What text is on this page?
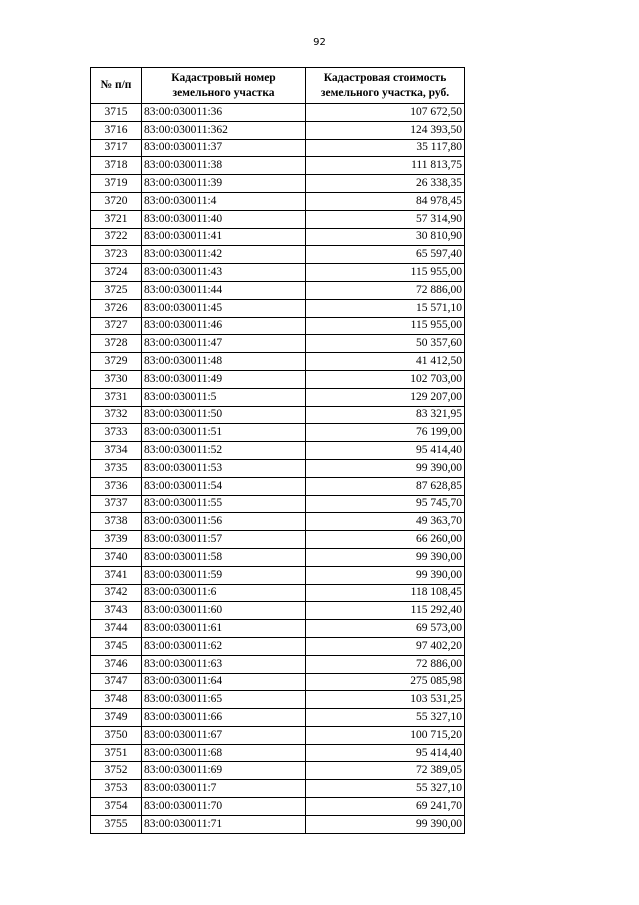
92
№ п/п	Кадастровый номер земельного участка	Кадастровая стоимость земельного участка, руб.
3715	83:00:030011:36	107 672,50
3716	83:00:030011:362	124 393,50
3717	83:00:030011:37	35 117,80
3718	83:00:030011:38	111 813,75
3719	83:00:030011:39	26 338,35
3720	83:00:030011:4	84 978,45
3721	83:00:030011:40	57 314,90
3722	83:00:030011:41	30 810,90
3723	83:00:030011:42	65 597,40
3724	83:00:030011:43	115 955,00
3725	83:00:030011:44	72 886,00
3726	83:00:030011:45	15 571,10
3727	83:00:030011:46	115 955,00
3728	83:00:030011:47	50 357,60
3729	83:00:030011:48	41 412,50
3730	83:00:030011:49	102 703,00
3731	83:00:030011:5	129 207,00
3732	83:00:030011:50	83 321,95
3733	83:00:030011:51	76 199,00
3734	83:00:030011:52	95 414,40
3735	83:00:030011:53	99 390,00
3736	83:00:030011:54	87 628,85
3737	83:00:030011:55	95 745,70
3738	83:00:030011:56	49 363,70
3739	83:00:030011:57	66 260,00
3740	83:00:030011:58	99 390,00
3741	83:00:030011:59	99 390,00
3742	83:00:030011:6	118 108,45
3743	83:00:030011:60	115 292,40
3744	83:00:030011:61	69 573,00
3745	83:00:030011:62	97 402,20
3746	83:00:030011:63	72 886,00
3747	83:00:030011:64	275 085,98
3748	83:00:030011:65	103 531,25
3749	83:00:030011:66	55 327,10
3750	83:00:030011:67	100 715,20
3751	83:00:030011:68	95 414,40
3752	83:00:030011:69	72 389,05
3753	83:00:030011:7	55 327,10
3754	83:00:030011:70	69 241,70
3755	83:00:030011:71	99 390,00
